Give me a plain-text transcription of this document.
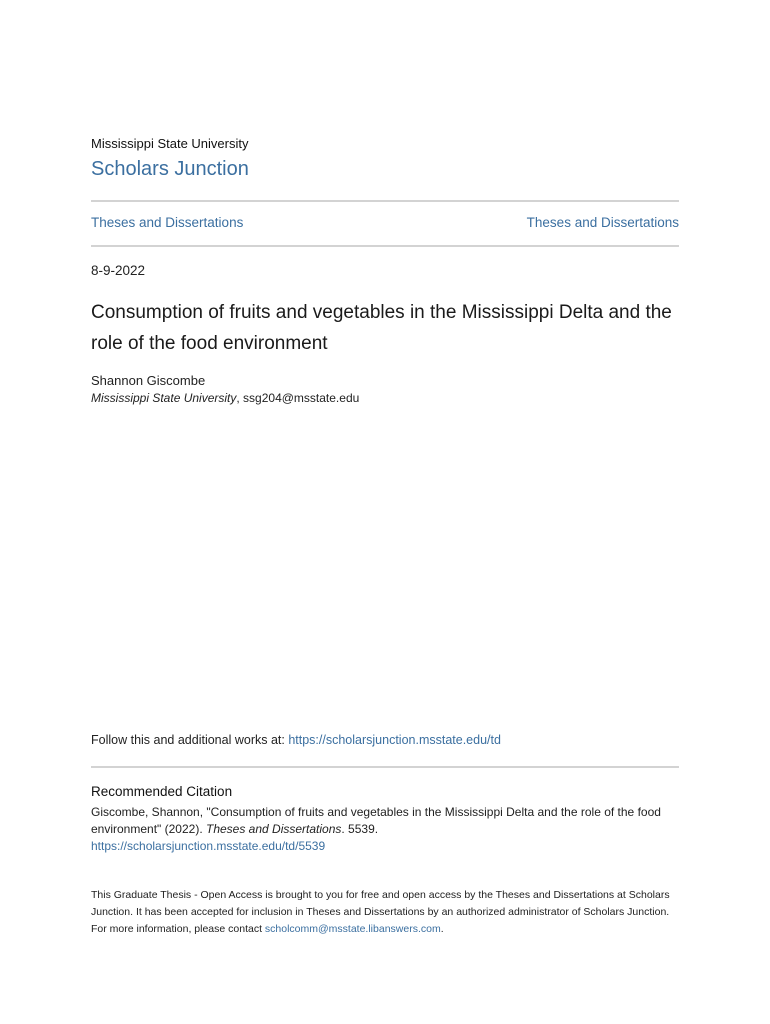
Mississippi State University
Scholars Junction
Theses and Dissertations	Theses and Dissertations
8-9-2022
Consumption of fruits and vegetables in the Mississippi Delta and the role of the food environment
Shannon Giscombe
Mississippi State University, ssg204@msstate.edu
Follow this and additional works at: https://scholarsjunction.msstate.edu/td
Recommended Citation
Giscombe, Shannon, "Consumption of fruits and vegetables in the Mississippi Delta and the role of the food environment" (2022). Theses and Dissertations. 5539.
https://scholarsjunction.msstate.edu/td/5539
This Graduate Thesis - Open Access is brought to you for free and open access by the Theses and Dissertations at Scholars Junction. It has been accepted for inclusion in Theses and Dissertations by an authorized administrator of Scholars Junction. For more information, please contact scholcomm@msstate.libanswers.com.
